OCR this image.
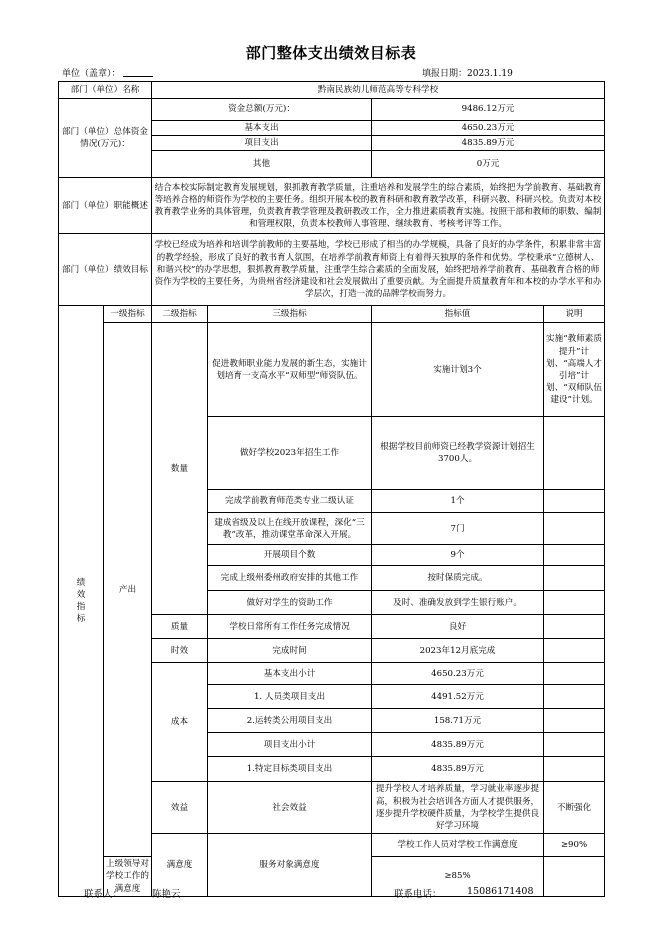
部门整体支出绩效目标表
单位（盖章）：	填报日期：2023.1.19
部门（单位）名称		黔南民族幼儿师范高等专科学校				
部门（单位）总体资金情况(万元)：		资金总额(万元)：		9486.12万元		
		基本支出		4650.23万元		
		项目支出		4835.89万元		
		其他		0万元		
部门（单位）职能概述		结合本校实际制定教育发展规划，狠抓教育教学质量，注重培养和发展学生的综合素质，始终把为学前教育、基础教育等培养合格的师资作为学校的主要任务。组织开展本校的教育科研和教育教学改革，科研兴教、科研兴校。负责对本校教育教学业务的具体管理，负责教育教学管理及教研教改工作，全力推进素质教育实施。按照干部和教师的职数、编制和管理权限，负责本校教师人事管理、继续教育、考核考评等工作。				
部门（单位）绩效目标		学校已经成为培养和培训学前教师的主要基地，学校已形成了相当的办学规模，具备了良好的办学条件，积累非常丰富的教学经验，形成了良好的教书育人氛围，在培养学前教育师资上有着得天独厚的条件和优势。学校秉承“立德树人、和谐兴校”的办学思想，狠抓教育教学质量，注重学生综合素质的全面发展，始终把培养学前教育、基础教育合格的师资作为学校的主要任务，为贵州省经济建设和社会发展做出了重要贡献。为全面提升质量教育年和本校的办学水平和办学层次，打造一流的品牌学校而努力。				
绩
效
指
标	一级指标	二级指标	三级指标	指标值	说明	
	产出	数量	促进教师职业能力发展的新生态，实施计划培育一支高水平“双师型”师资队伍。	实施计划3个	实施“教师素质提升”计划、“高端人才引培”计划、“双师队伍建设”计划。	
			做好学校2023年招生工作	根据学校目前师资已经教学资源计划招生3700人。		
			完成学前教育师范类专业二级认证	1个		
			建成省级及以上在线开放课程，深化“三教”改革，推动课堂革命深入开展。	7门		
			开展项目个数	9个		
			完成上级州委州政府安排的其他工作	按时保质完成。		
			做好对学生的资助工作	及时、准确发放到学生银行账户。		
		质量	学校日常所有工作任务完成情况	良好		
		时效	完成时间	2023年12月底完成		
		成本	基本支出小计	4650.23万元		
			1. 人员类项目支出	4491.52万元		
			2.运转类公用项目支出	158.71万元		
			项目支出小计	4835.89万元		
			1.特定目标类项目支出	4835.89万元		
		效益	社会效益	提升学校人才培养质量，学习就业率逐步提高，积极为社会培训各方面人才提供服务，逐步提升学校硬件质量，为学校学生提供良好学习环境	不断强化	
		满意度	服务对象满意度	学校工作人员对学校工作满意度	≥90%	
	上级领导对学校工作的满意度			≥85%		
联系人：	陈艳云	联系电话：	15086171408
